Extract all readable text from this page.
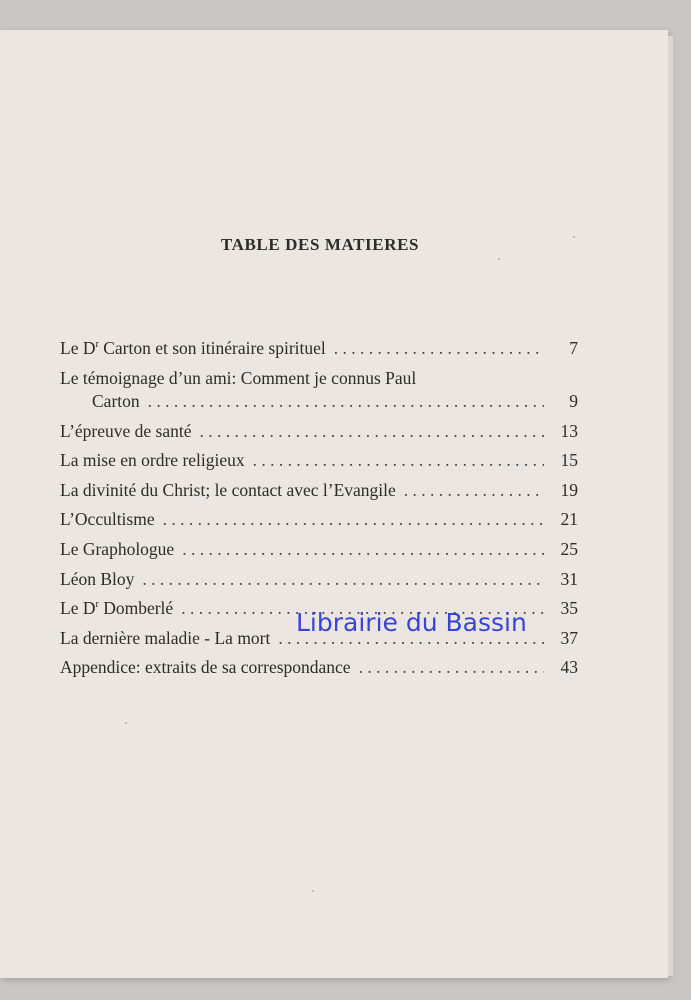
TABLE DES MATIERES
Le $D^r$ Carton et son itinéraire spirituel . . .	7
Le témoignage d’un ami: Comment je connus Paul
Carton . . .	9
L’épreuve de santé . . .	13
La mise en ordre religieux . . .	15
La divinité du Christ; le contact avec l’Evangile . . .	19
L’Occultisme . . .	21
Le Graphologue . . .	25
Léon Bloy . . .	31
Le $D^r$ Domberlé . . .	35
La dernière maladie - La mort . . .	37
Appendice: extraits de sa correspondance . . .	43
Librairie du Bassin
